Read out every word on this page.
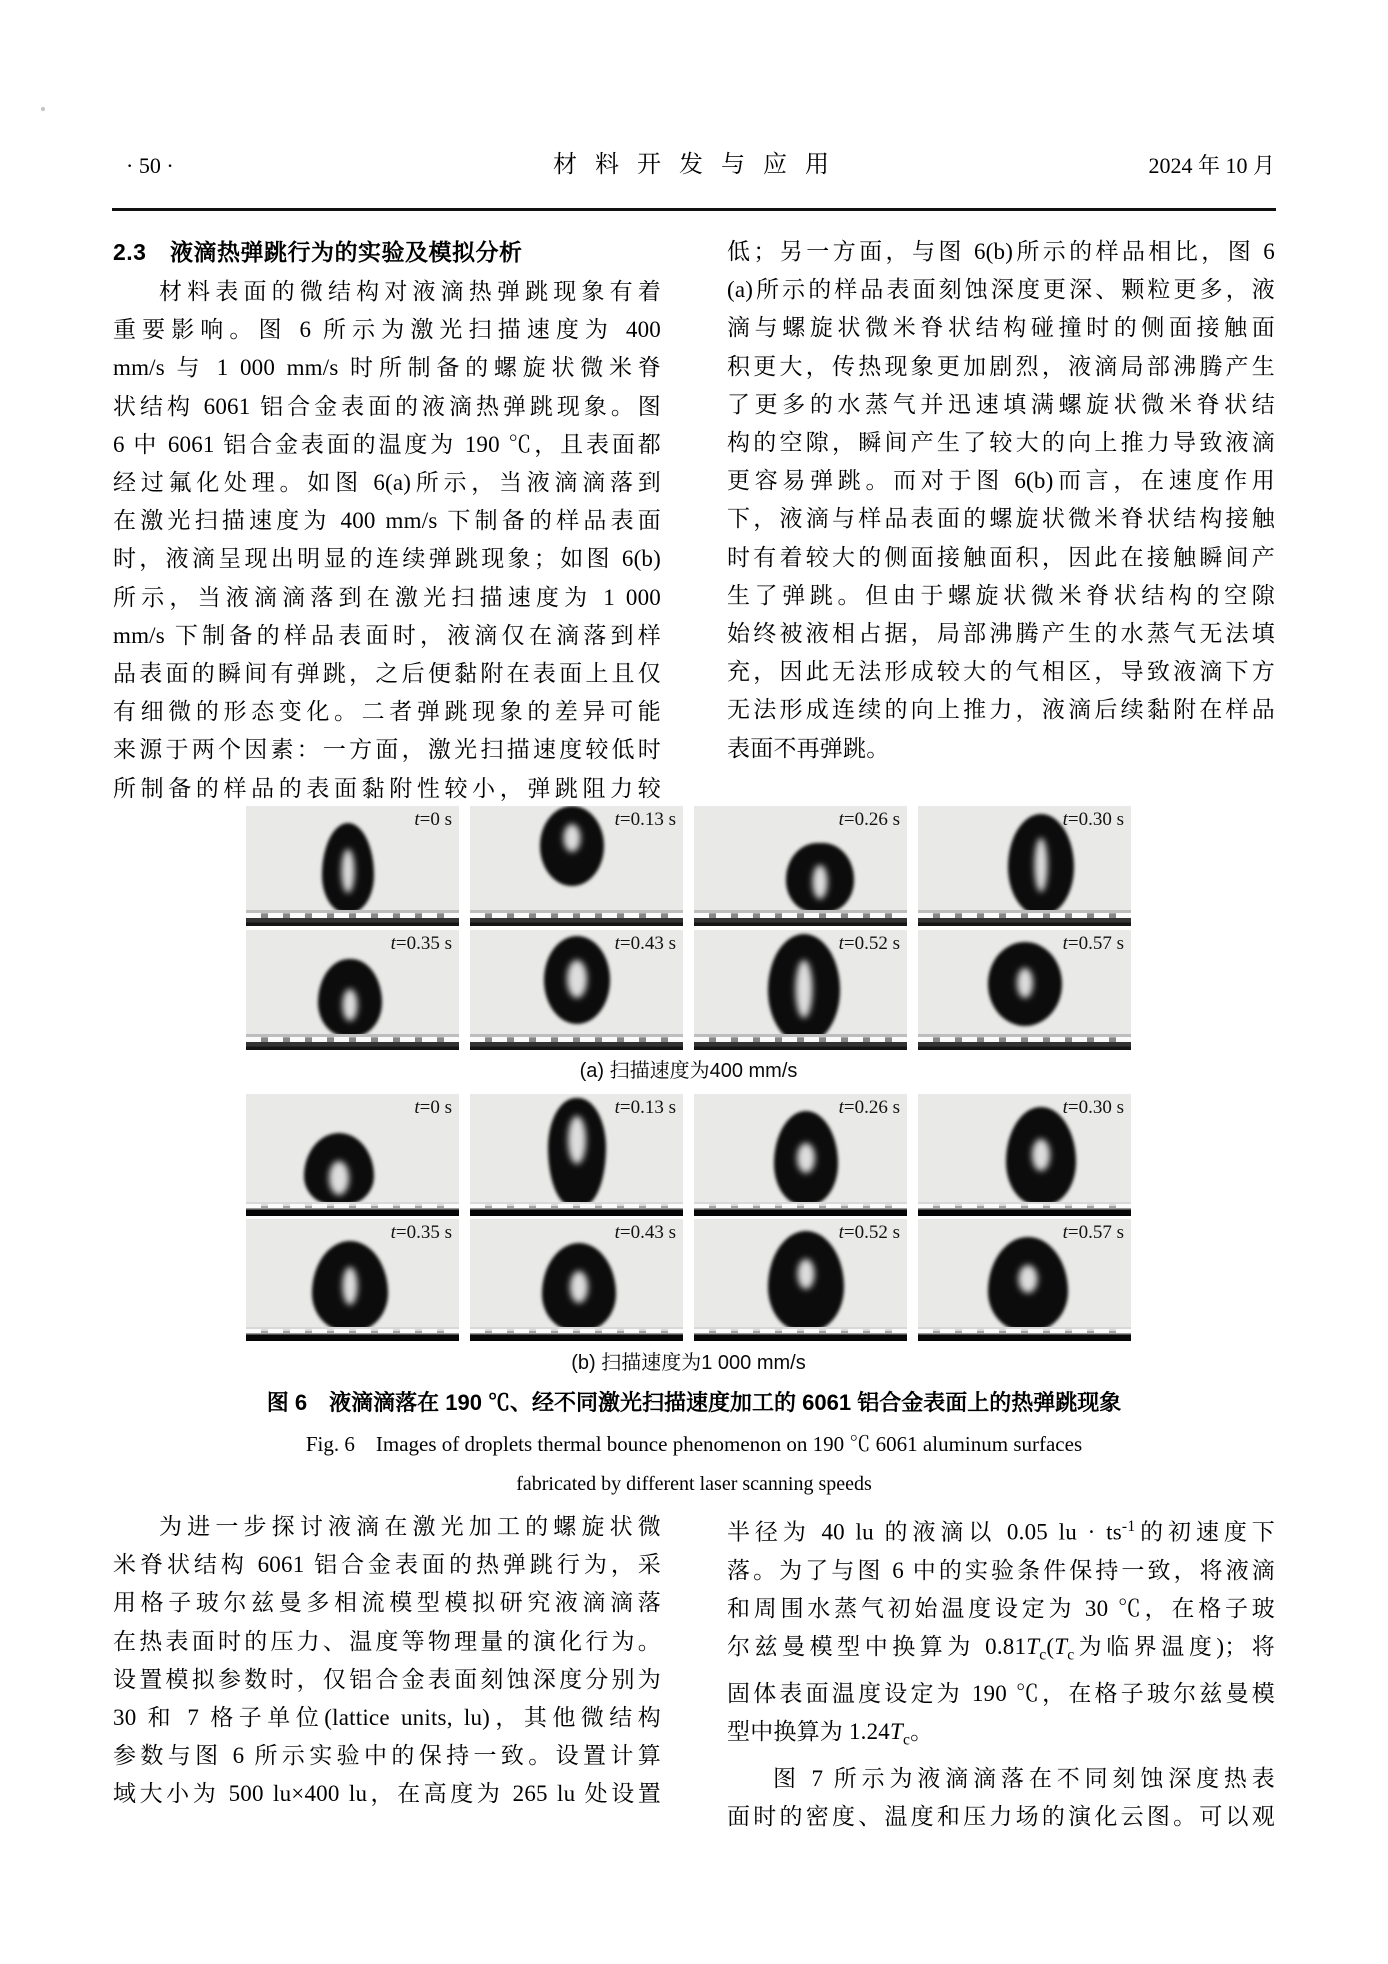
· 50 ·	材 料 开 发 与 应 用	2024 年 10 月
2.3　液滴热弹跳行为的实验及模拟分析
材料表面的微结构对液滴热弹跳现象有着
重要影响。图 6 所示为激光扫描速度为 400
mm/s 与 1 000 mm/s 时所制备的螺旋状微米脊
状结构 6061 铝合金表面的液滴热弹跳现象。图
6 中 6061 铝合金表面的温度为 190 ℃，且表面都
经过氟化处理。如图 6(a)所示，当液滴滴落到
在激光扫描速度为 400 mm/s 下制备的样品表面
时，液滴呈现出明显的连续弹跳现象；如图 6(b)
所示，当液滴滴落到在激光扫描速度为 1 000
mm/s 下制备的样品表面时，液滴仅在滴落到样
品表面的瞬间有弹跳，之后便黏附在表面上且仅
有细微的形态变化。二者弹跳现象的差异可能
来源于两个因素：一方面，激光扫描速度较低时
所制备的样品的表面黏附性较小，弹跳阻力较
低；另一方面，与图 6(b)所示的样品相比，图 6
(a)所示的样品表面刻蚀深度更深、颗粒更多，液
滴与螺旋状微米脊状结构碰撞时的侧面接触面
积更大，传热现象更加剧烈，液滴局部沸腾产生
了更多的水蒸气并迅速填满螺旋状微米脊状结
构的空隙，瞬间产生了较大的向上推力导致液滴
更容易弹跳。而对于图 6(b)而言，在速度作用
下，液滴与样品表面的螺旋状微米脊状结构接触
时有着较大的侧面接触面积，因此在接触瞬间产
生了弹跳。但由于螺旋状微米脊状结构的空隙
始终被液相占据，局部沸腾产生的水蒸气无法填
充，因此无法形成较大的气相区，导致液滴下方
无法形成连续的向上推力，液滴后续黏附在样品
表面不再弹跳。
t=0 s	t=0.13 s	t=0.26 s	t=0.30 s
t=0.35 s	t=0.43 s	t=0.52 s	t=0.57 s
(a) 扫描速度为400 mm/s
t=0 s	t=0.13 s	t=0.26 s	t=0.30 s
t=0.35 s	t=0.43 s	t=0.52 s	t=0.57 s
(b) 扫描速度为1 000 mm/s
图 6　液滴滴落在 190 ℃、经不同激光扫描速度加工的 6061 铝合金表面上的热弹跳现象
Fig. 6　Images of droplets thermal bounce phenomenon on 190 ℃ 6061 aluminum surfaces
fabricated by different laser scanning speeds
为进一步探讨液滴在激光加工的螺旋状微
米脊状结构 6061 铝合金表面的热弹跳行为，采
用格子玻尔兹曼多相流模型模拟研究液滴滴落
在热表面时的压力、温度等物理量的演化行为。
设置模拟参数时，仅铝合金表面刻蚀深度分别为
30 和 7 格子单位(lattice units, lu)，其他微结构
参数与图 6 所示实验中的保持一致。设置计算
域大小为 500 lu×400 lu，在高度为 265 lu 处设置
半径为 40 lu 的液滴以 0.05 lu · $ts^{-1}$的初速度下
落。为了与图 6 中的实验条件保持一致，将液滴
和周围水蒸气初始温度设定为 30 ℃，在格子玻
尔兹曼模型中换算为 $0.81T_c(T_c$为临界温度)；将
固体表面温度设定为 190 ℃，在格子玻尔兹曼模
型中换算为 $1.24T_c$。
图 7 所示为液滴滴落在不同刻蚀深度热表
面时的密度、温度和压力场的演化云图。可以观
